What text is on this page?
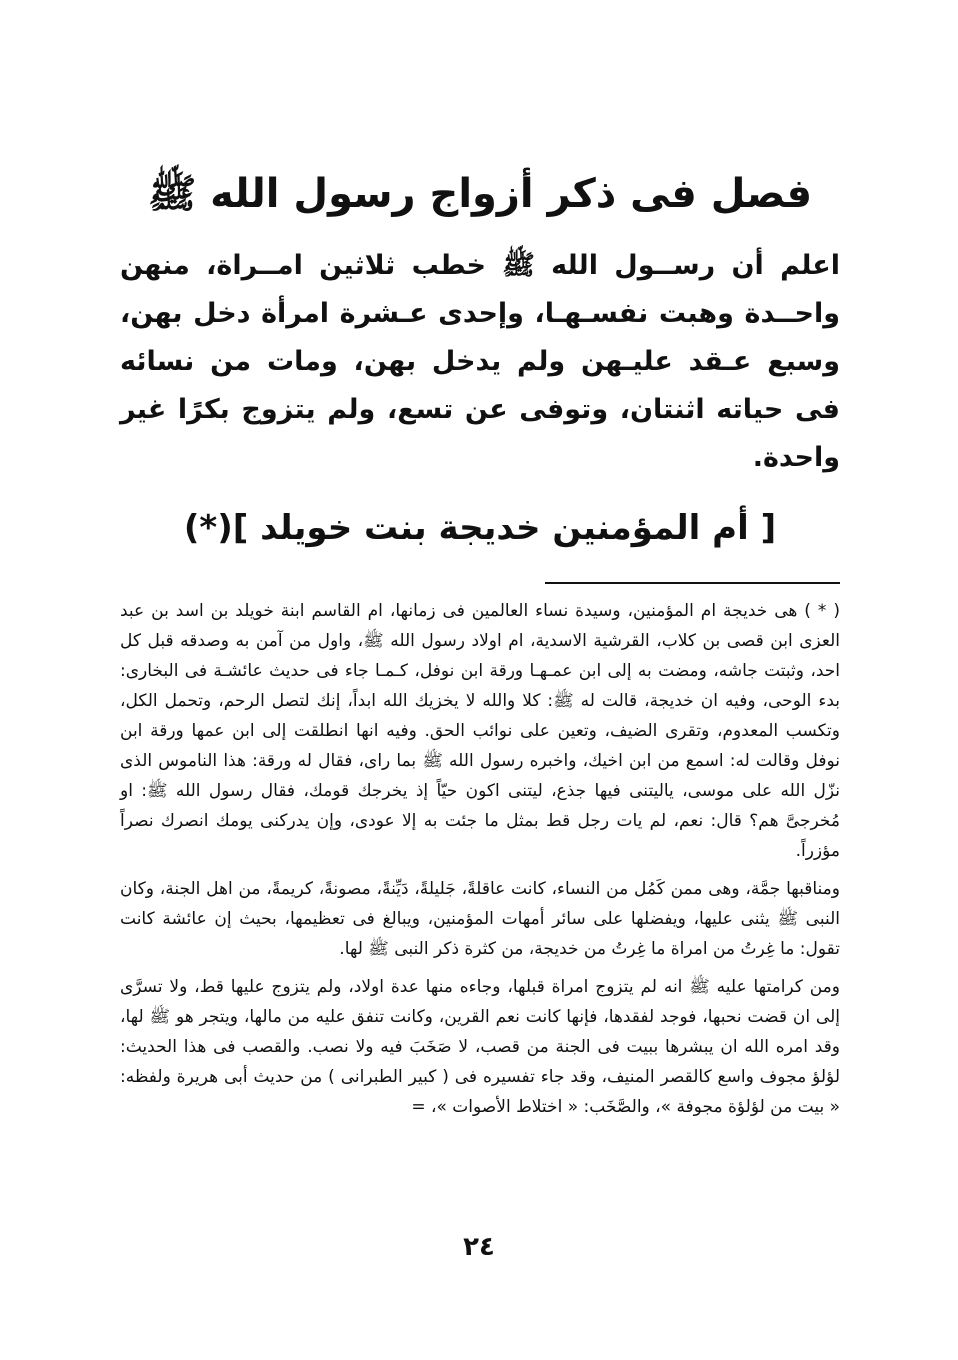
فصل فى ذكر أزواج رسول الله ﷺ

اعلم أن رســول الله ﷺ خطب ثلاثين امــراة، منهن واحــدة وهبت نفسـهـا، وإحدى عـشرة امرأة دخل بهن، وسبع عـقد عليـهن ولم يدخل بهن، ومات من نسائه فى حياته اثنتان، وتوفى عن تسع، ولم يتزوج بكرًا غير واحدة.

[ أم المؤمنين خديجة بنت خويلد ](*)

( * ) هى خديجة ام المؤمنين، وسيدة نساء العالمين فى زمانها، ام القاسم ابنة خويلد بن اسد بن عبد العزى ابن قصى بن كلاب، القرشية الاسدية، ام اولاد رسول الله ﷺ، واول من آمن به وصدقه قبل كل احد، وثبتت جاشه، ومضت به إلى ابن عمـهـا ورقة ابن نوفل، كـمـا جاء فى حديث عائشـة فى البخارى: بدء الوحى، وفيه ان خديجة، قالت له ﷺ: كلا والله لا يخزيك الله ابداً، إنك لتصل الرحم، وتحمل الكل، وتكسب المعدوم، وتقرى الضيف، وتعين على نوائب الحق. وفيه انها انطلقت إلى ابن عمها ورقة ابن نوفل وقالت له: اسمع من ابن اخيك، واخبره رسول الله ﷺ بما راى، فقال له ورقة: هذا الناموس الذى نزّل الله على موسى، ياليتنى فيها جذع، ليتنى اكون حيّاً إذ يخرجك قومك، فقال رسول الله ﷺ: او مُخرجىَّ هم؟ قال: نعم، لم يات رجل قط بمثل ما جئت به إلا عودى، وإن يدركنى يومك انصرك نصراً مؤزراً.

ومناقبها جمَّة، وهى ممن كَمُل من النساء، كانت عاقلةً، جَليلةً، دَيِّنةً، مصونةً، كريمةً، من اهل الجنة، وكان النبى ﷺ يثنى عليها، ويفضلها على سائر أمهات المؤمنين، ويبالغ فى تعظيمها، بحيث إن عائشة كانت تقول: ما غِرتُ من امراة ما غِرتُ من خديجة، من كثرة ذكر النبى ﷺ لها.

ومن كرامتها عليه ﷺ انه لم يتزوج امراة قبلها، وجاءه منها عدة اولاد، ولم يتزوج عليها قط، ولا تسرَّى إلى ان قضت نحبها، فوجد لفقدها، فإنها كانت نعم القرين، وكانت تنفق عليه من مالها، ويتجر هو ﷺ لها، وقد امره الله ان يبشرها ببيت فى الجنة من قصب، لا صَخَبَ فيه ولا نصب. والقصب فى هذا الحديث: لؤلؤ مجوف واسع كالقصر المنيف، وقد جاء تفسيره فى ( كبير الطبرانى ) من حديث أبى هريرة ولفظه: « بيت من لؤلؤة مجوفة »، والصَّخَب: « اختلاط الأصوات »، =

٢٤
